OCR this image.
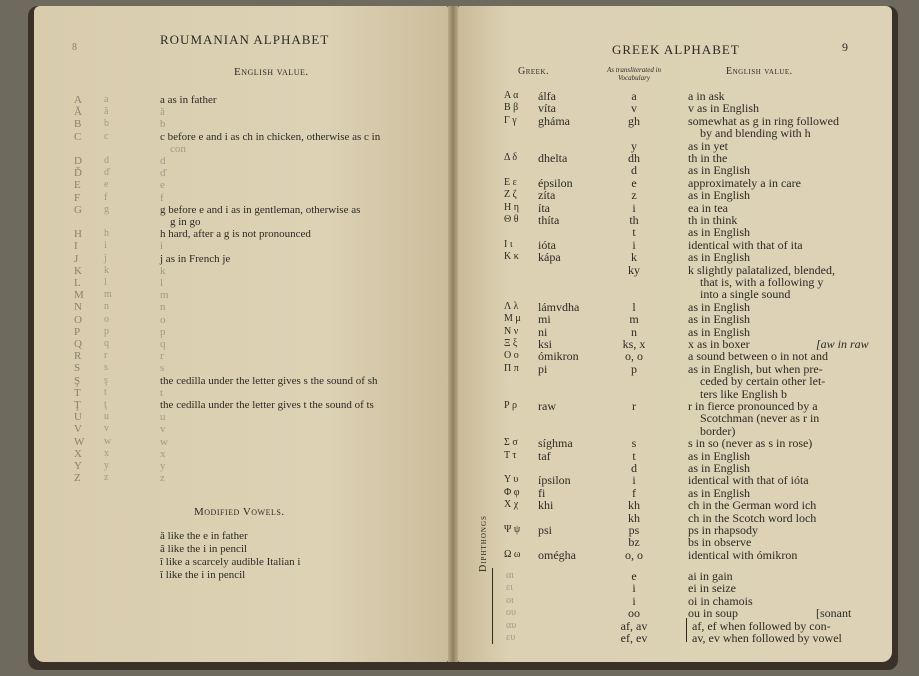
8
ROUMANIAN ALPHABET
English value.
A a	a as in father
Ă ă	ă
B b	b
C c	c before e and i as ch in chicken, otherwise as c in
con
D d	d
Ď ď	ď
E e	e
F f	f
G g	g before e and i as in gentleman, otherwise as
g in go
H h	h hard, after a g is not pronounced
I	i	i
J	j	j as in French je
K k	k
L l	l
M m	m
N n	n
O o	o
P p	p
Q q	q
R r	r
S s	s
Ş ş	the cedilla under the letter gives s the sound of sh
T t	t
Ţ ţ	the cedilla under the letter gives t the sound of ts
U u	u
V v	v
W w	w
X x	x
Y y	y
Z z	z
Modified Vowels.
ă like the e in father
â like the i in pencil
î like a scarcely audible Italian i
ĭ like the i in pencil
GREEK ALPHABET	9
Greek.	As transliterated in Vocabulary
English value.
Α α álfa	a	a in ask
Β β víta	v	v as in English
Γ γ ghámа	gh	somewhat as g in ring followed
by and blending with h
y	as in yet
Δ δ dhelta	dh	th in the
d	as in English
Ε ε épsilon	e	approximately a in care
Ζ ζ zíta	z	as in English
Η η íta	i	ea in tea
Θ θ thíta	th	th in think
t	as in English
Ι ι ióta	i	identical with that of ita
Κ κ kápa	k	as in English
ky	k slightly palatalized, blended,
that is, with a following y
into a single sound
Λ λ lámvdha	l	as in English
Μ μ mi	m	as in English
Ν ν ni	n	as in English
Ξ ξ ksi	ks, x	x as in boxer
Ο ο ómikron	o, o	a sound between o in not and
Π π pi	p	as in English, but when pre-
ceded by certain other let-
ters like English b
Ρ ρ raw	r	r in fierce pronounced by a
Scotchman (never as r in
border)
Σ σ síghma	s	s in so (never as s in rose)
Τ τ taf	t	as in English
d	as in English
Υ υ ípsilon	i	identical with that of ióta
Φ φ fi	f	as in English
Χ χ khi	kh	ch in the German word ich
kh	ch in the Scotch word loch
Ψ ψ psi	ps	ps in rhapsody
bz	bs in observe
Ω ω omégha	o, o	identical with ómikron
[aw in raw
Diphthongs
αι	e	ai in gain
ει	i	ei in seize
οι	i	oi in chamois
ου	oo	ou in soup
αυ	af, av	af, ef when followed by con-
ευ	ef, ev	av, ev when followed by vowel
[sonant
